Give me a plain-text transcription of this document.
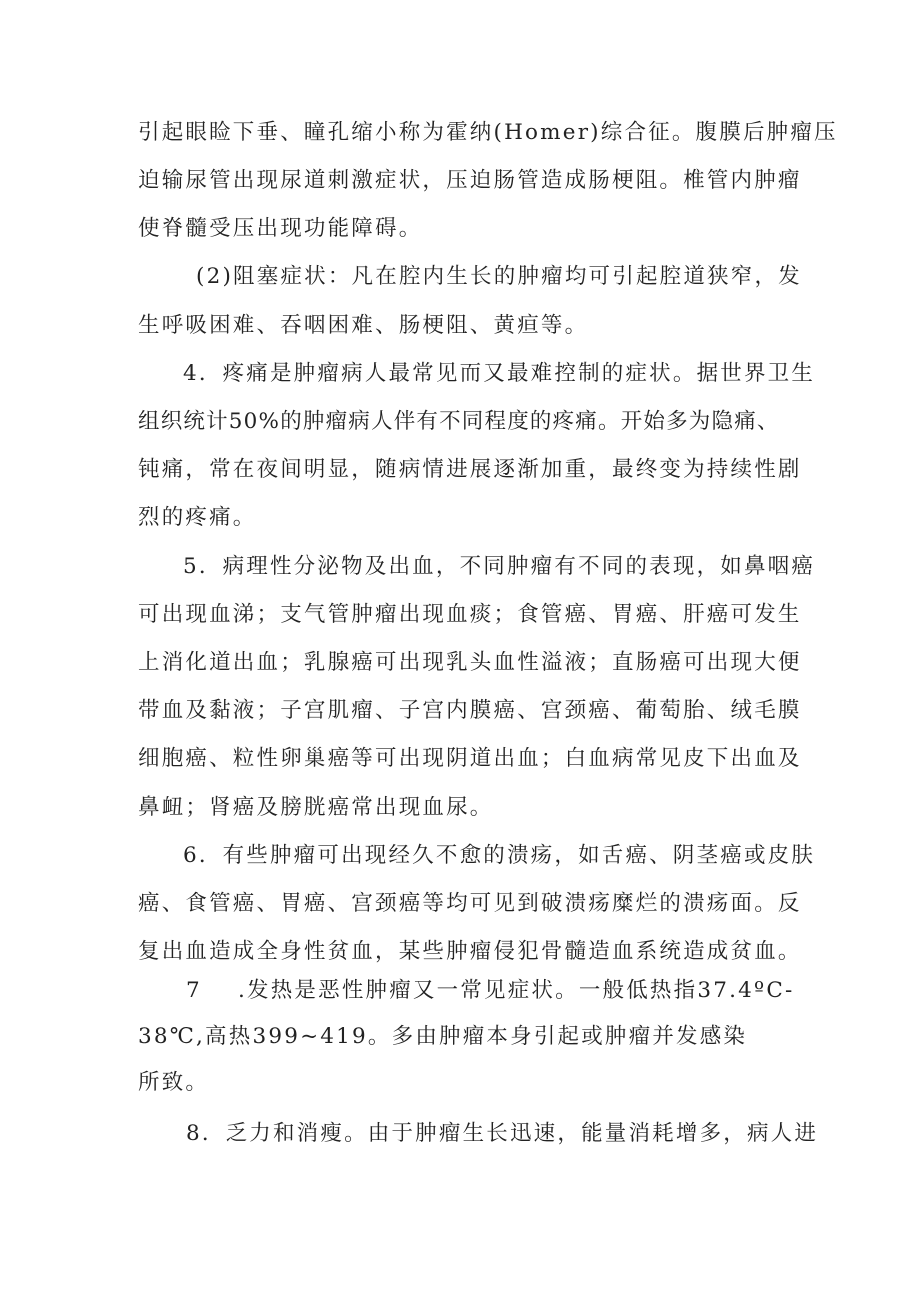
引起眼睑下垂、瞳孔缩小称为霍纳(Homer)综合征。腹膜后肿瘤压
迫输尿管出现尿道刺激症状，压迫肠管造成肠梗阻。椎管内肿瘤
使脊髓受压出现功能障碍。
(2)阻塞症状：凡在腔内生长的肿瘤均可引起腔道狭窄，发
生呼吸困难、吞咽困难、肠梗阻、黄疸等。
4．疼痛是肿瘤病人最常见而又最难控制的症状。据世界卫生
组织统计50%的肿瘤病人伴有不同程度的疼痛。开始多为隐痛、
钝痛，常在夜间明显，随病情进展逐渐加重，最终变为持续性剧
烈的疼痛。
5．病理性分泌物及出血，不同肿瘤有不同的表现，如鼻咽癌
可出现血涕；支气管肿瘤出现血痰；食管癌、胃癌、肝癌可发生
上消化道出血；乳腺癌可出现乳头血性溢液；直肠癌可出现大便
带血及黏液；子宫肌瘤、子宫内膜癌、宫颈癌、葡萄胎、绒毛膜
细胞癌、粒性卵巢癌等可出现阴道出血；白血病常见皮下出血及
鼻衄；肾癌及膀胱癌常出现血尿。
6．有些肿瘤可出现经久不愈的溃疡，如舌癌、阴茎癌或皮肤
癌、食管癌、胃癌、宫颈癌等均可见到破溃疡糜烂的溃疡面。反
复出血造成全身性贫血，某些肿瘤侵犯骨髓造血系统造成贫血。
7 .发热是恶性肿瘤又一常见症状。一般低热指37.4ºC-
38℃,高热399~419。多由肿瘤本身引起或肿瘤并发感染
所致。
8．乏力和消瘦。由于肿瘤生长迅速，能量消耗增多，病人进
